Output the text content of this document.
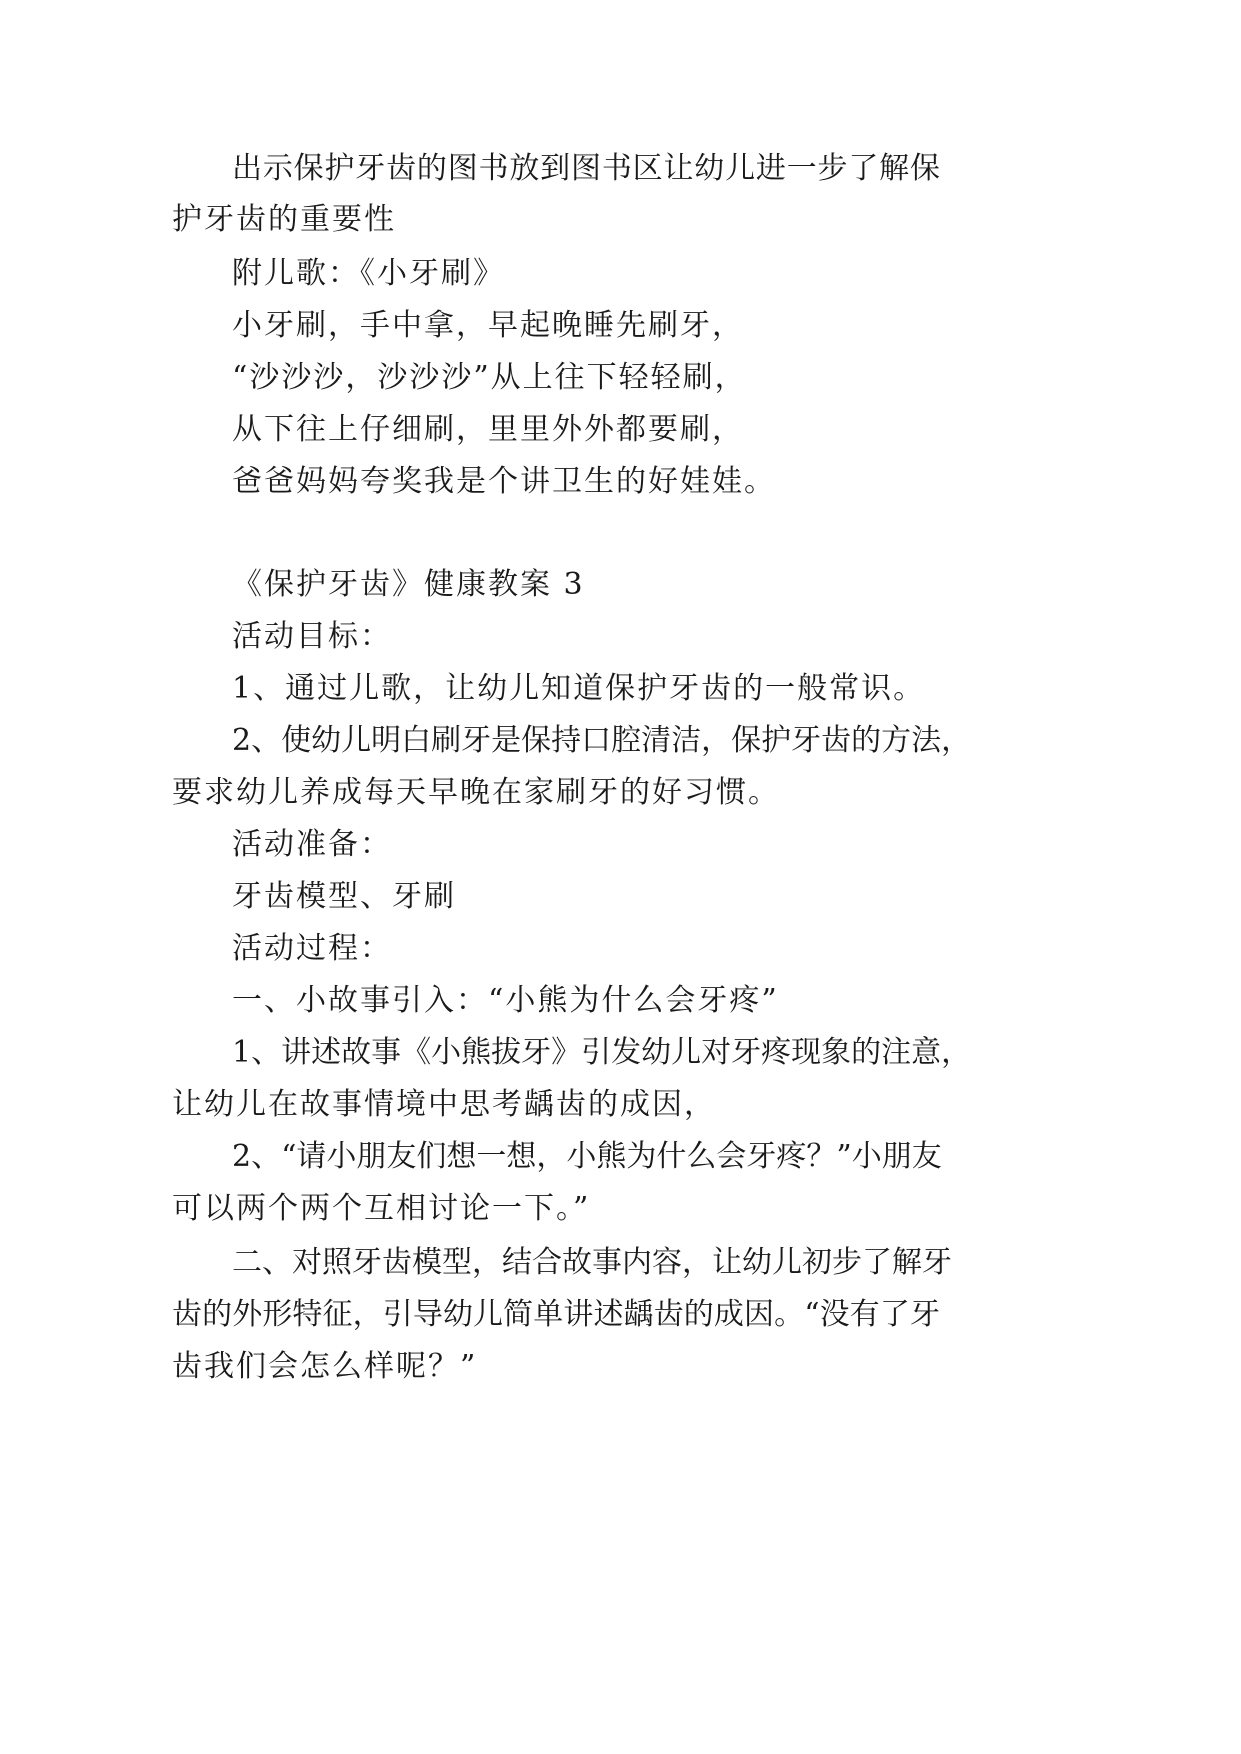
出示保护牙齿的图书放到图书区让幼儿进一步了解保
护牙齿的重要性
附儿歌：《小牙刷》
小牙刷，手中拿，早起晚睡先刷牙，
“沙沙沙，沙沙沙”从上往下轻轻刷，
从下往上仔细刷，里里外外都要刷，
爸爸妈妈夸奖我是个讲卫生的好娃娃。
《保护牙齿》健康教案 3
活动目标：
1、通过儿歌，让幼儿知道保护牙齿的一般常识。
2、使幼儿明白刷牙是保持口腔清洁，保护牙齿的方法，
要求幼儿养成每天早晚在家刷牙的好习惯。
活动准备：
牙齿模型、牙刷
活动过程：
一、小故事引入：“小熊为什么会牙疼”
1、讲述故事《小熊拔牙》引发幼儿对牙疼现象的注意，
让幼儿在故事情境中思考龋齿的成因，
2、“请小朋友们想一想，小熊为什么会牙疼？”小朋友
可以两个两个互相讨论一下。”
二、对照牙齿模型，结合故事内容，让幼儿初步了解牙
齿的外形特征，引导幼儿简单讲述龋齿的成因。“没有了牙
齿我们会怎么样呢？”
